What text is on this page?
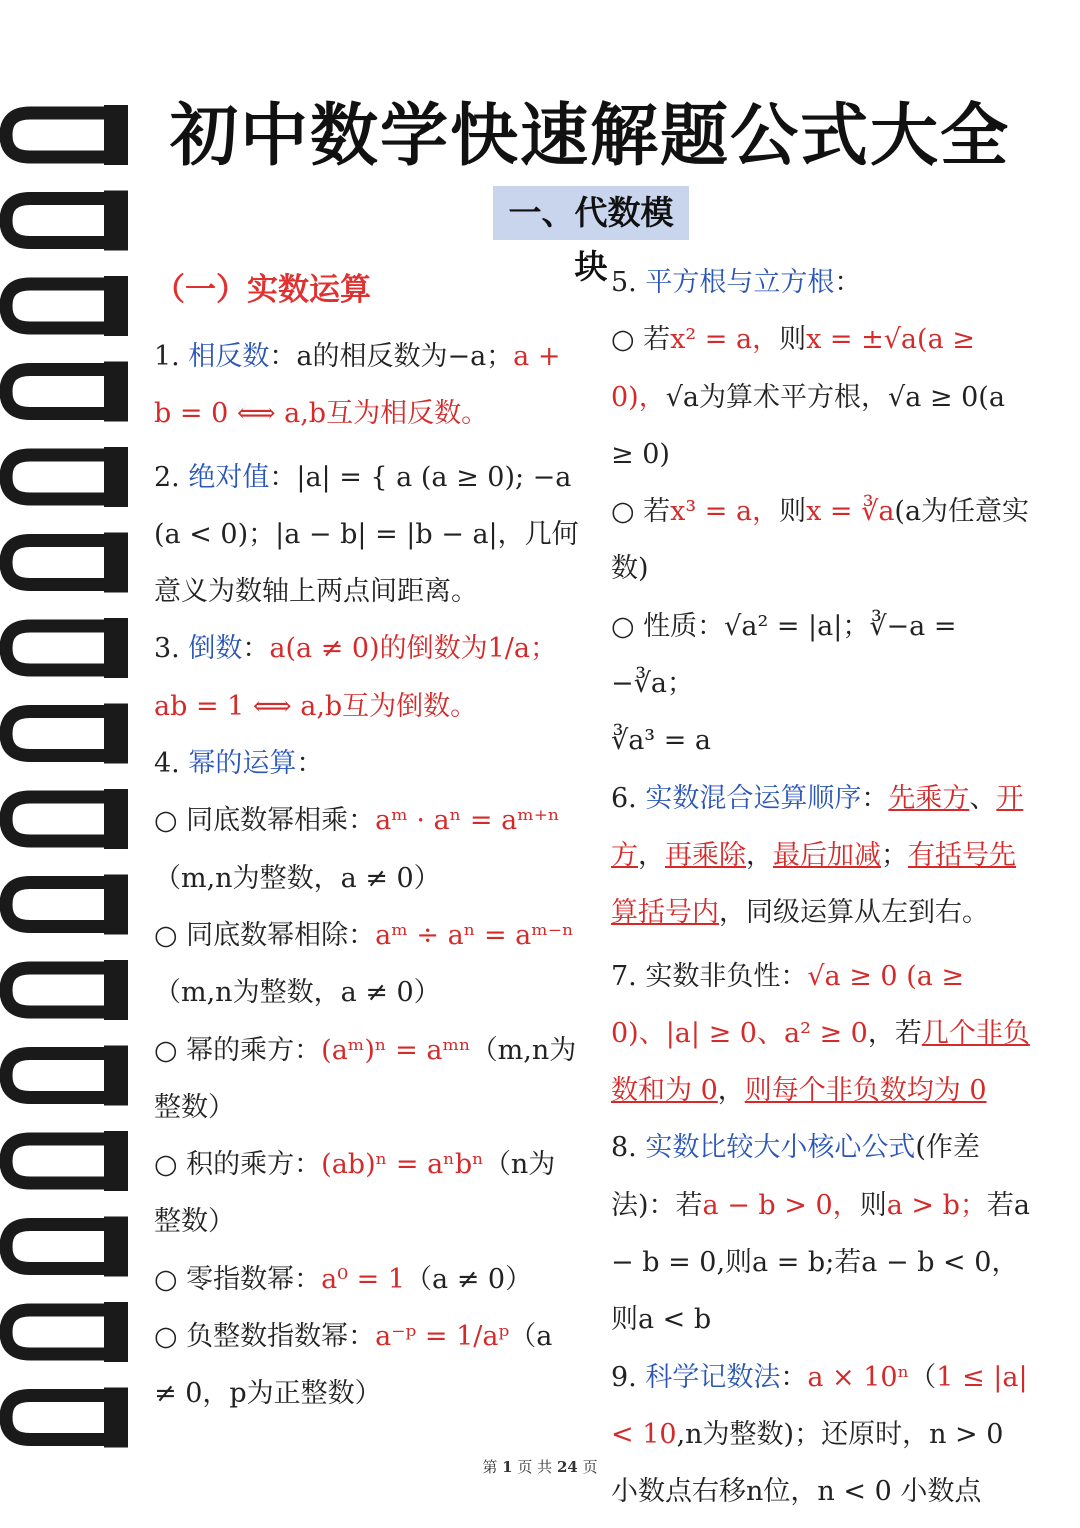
初中数学快速解题公式大全
一、代数模块

（一）实数运算

1. 相反数：a的相反数为−a；a + b = 0 ⟺ a,b互为相反数。

2. 绝对值：|a| = { a (a ≥ 0); −a (a < 0)；|a − b| = |b − a|，几何意义为数轴上两点间距离。

3. 倒数：a(a ≠ 0)的倒数为1/a；ab = 1 ⟺ a,b互为倒数。

4. 幂的运算：

○ 同底数幂相乘：aᵐ · aⁿ = aᵐ⁺ⁿ（m,n为整数，a ≠ 0）

○ 同底数幂相除：aᵐ ÷ aⁿ = aᵐ⁻ⁿ（m,n为整数，a ≠ 0）

○ 幂的乘方：(aᵐ)ⁿ = aᵐⁿ（m,n为整数）

○ 积的乘方：(ab)ⁿ = aⁿbⁿ（n为整数）

○ 零指数幂：a⁰ = 1（a ≠ 0）

○ 负整数指数幂：a⁻ᵖ = 1/aᵖ（a ≠ 0，p为正整数）

5. 平方根与立方根：

○ 若x² = a，则x = ±√a(a ≥ 0)，√a为算术平方根，√a ≥ 0(a ≥ 0)

○ 若x³ = a，则x = ∛a(a为任意实数)

○ 性质：√a² = |a|；∛−a = −∛a；

∛a³ = a

6. 实数混合运算顺序：先乘方、开方，再乘除，最后加减；有括号先算括号内，同级运算从左到右。

7. 实数非负性：√a ≥ 0 (a ≥ 0)、|a| ≥ 0、a² ≥ 0，若几个非负数和为 0，则每个非负数均为 0

8. 实数比较大小核心公式(作差法)：若a − b > 0，则a > b；若a − b = 0,则a = b;若a − b < 0，则a < b

9. 科学记数法：a × 10ⁿ（1 ≤ |a| < 10,n为整数)；还原时，n > 0 小数点右移n位，n < 0 小数点

第 1 页 共 24 页
